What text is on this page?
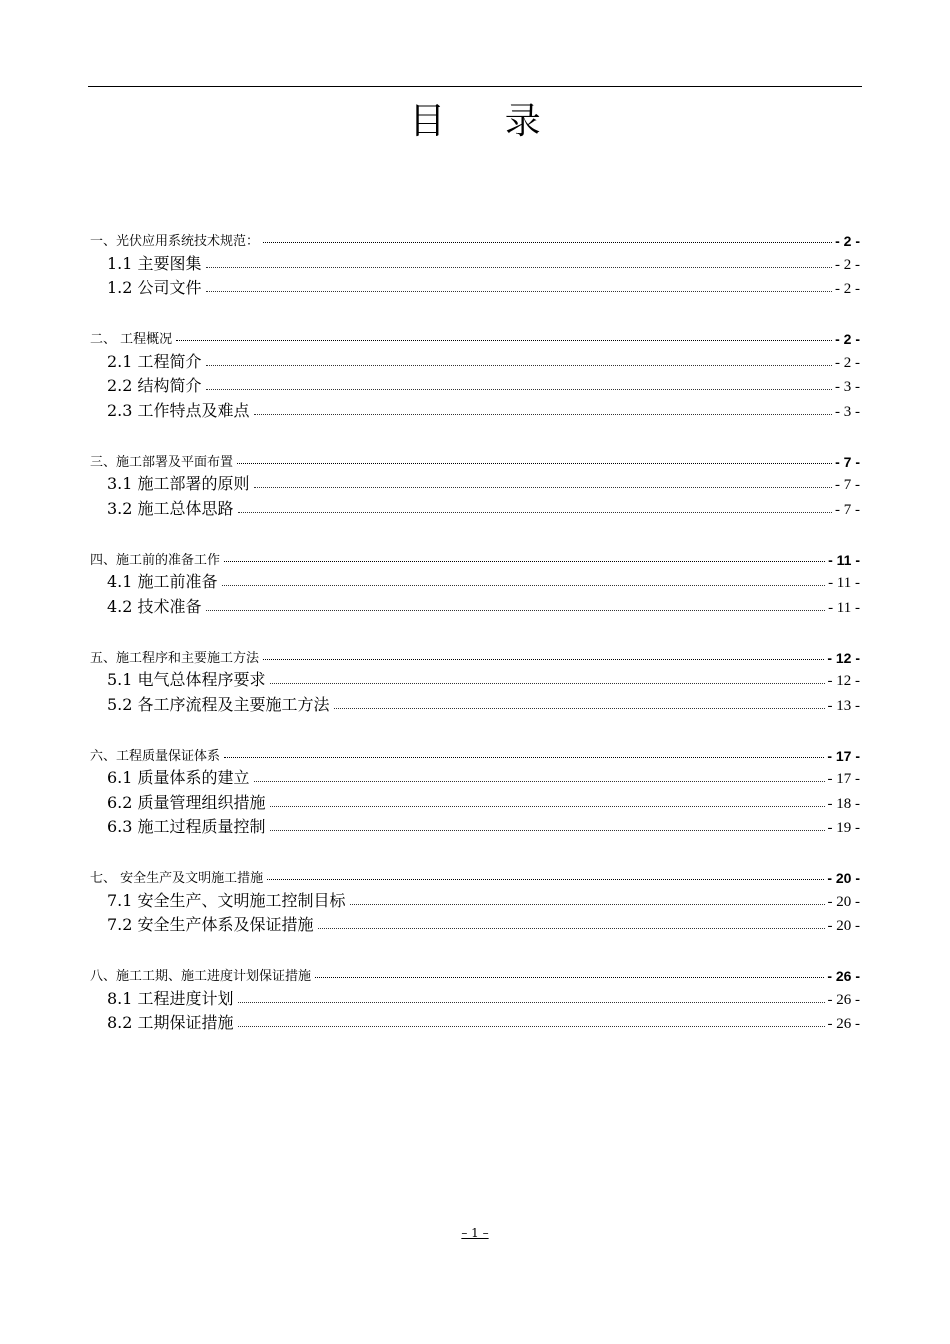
目 录
一、光伏应用系统技术规范：	- 2 -
1.1 主要图集	- 2 -
1.2 公司文件	- 2 -
二、 工程概况	- 2 -
2.1 工程简介	- 2 -
2.2 结构简介	- 3 -
2.3 工作特点及难点	- 3 -
三、施工部署及平面布置	- 7 -
3.1 施工部署的原则	- 7 -
3.2 施工总体思路	- 7 -
四、施工前的准备工作	- 11 -
4.1 施工前准备	- 11 -
4.2 技术准备	- 11 -
五、施工程序和主要施工方法	- 12 -
5.1 电气总体程序要求	- 12 -
5.2 各工序流程及主要施工方法	- 13 -
六、工程质量保证体系	- 17 -
6.1 质量体系的建立	- 17 -
6.2 质量管理组织措施	- 18 -
6.3 施工过程质量控制	- 19 -
七、 安全生产及文明施工措施	- 20 -
7.1 安全生产、文明施工控制目标	- 20 -
7.2 安全生产体系及保证措施	- 20 -
八、施工工期、施工进度计划保证措施	- 26 -
8.1 工程进度计划	- 26 -
8.2 工期保证措施	- 26 -
– 1 –
